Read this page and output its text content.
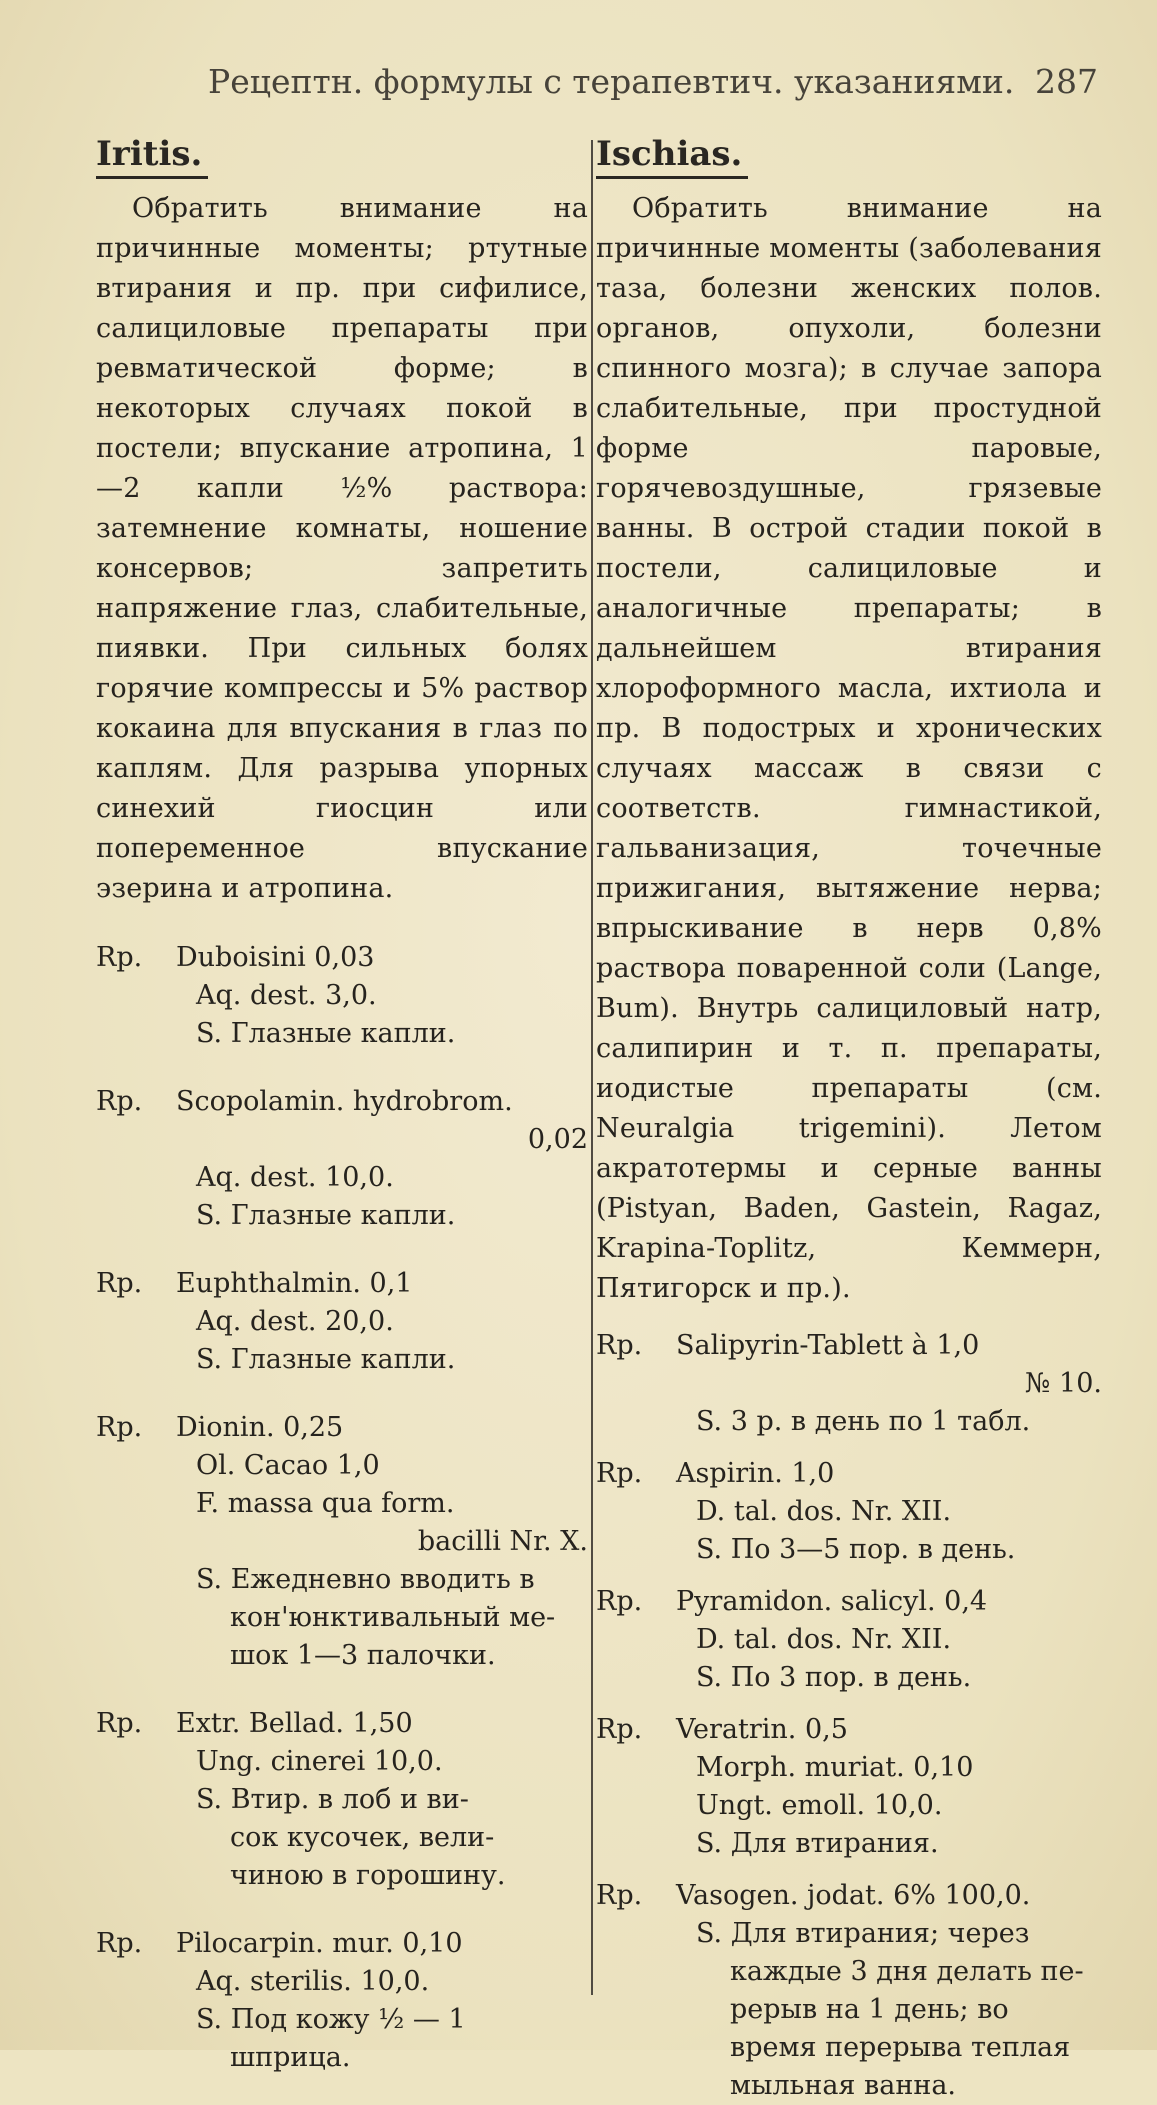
Рецептн. формулы с терапевтич. указаниями. 287
Iritis.

Обратить внимание на причинные моменты; ртутные втирания и пр. при сифилисе, салициловые препараты при ревматической форме; в некоторых случаях покой в постели; впускание атропина, 1—2 капли ½% раствора: затемнение комнаты, ношение консервов; запретить напряжение глаз, слабительные, пиявки. При сильных болях горячие компрессы и 5% раствор кокаина для впускания в глаз по каплям. Для разрыва упорных синехий гиосцин или попеременное впускание эзерина и атропина.

Rp.	Duboisini 0,03
Aq. dest. 3,0.
S. Глазные капли.
Rp.	Scopolamin. hydrobrom.
0,02
Aq. dest. 10,0.
S. Глазные капли.
Rp.	Euphthalmin. 0,1
Aq. dest. 20,0.
S. Глазные капли.
Rp.	Dionin. 0,25
Ol. Cacao 1,0
F. massa qua form.
bacilli Nr. X.
S. Ежедневно вводить в
кон'юнктивальный ме-
шок 1—3 палочки.
Rp.	Extr. Bellad. 1,50
Ung. cinerei 10,0.
S. Втир. в лоб и ви-
сок кусочек, вели-
чиною в горошину.
Rp.	Pilocarpin. mur. 0,10
Aq. sterilis. 10,0.
S. Под кожу ½ — 1
шприца.
Ischias.

Обратить внимание на причинные моменты (заболевания таза, болезни женских полов. органов, опухоли, болезни спинного мозга); в случае запора слабительные, при простудной форме паровые, горячевоздушные, грязевые ванны. В острой стадии покой в постели, салициловые и аналогичные препараты; в дальнейшем втирания хлороформного масла, ихтиола и пр. В подострых и хронических случаях массаж в связи с соответств. гимнастикой, гальванизация, точечные прижигания, вытяжение нерва; впрыскивание в нерв 0,8% раствора поваренной соли (Lange, Bum). Внутрь салициловый натр, салипирин и т. п. препараты, иодистые препараты (см. Neuralgia trigemini). Летом акратотермы и серные ванны (Pistyan, Baden, Gastein, Ragaz, Krapina-Toplitz, Кеммерн, Пятигорск и пр.).

Rp.	Salipyrin-Tablett à 1,0
№ 10.
S. 3 р. в день по 1 табл.
Rp.	Aspirin. 1,0
D. tal. dos. Nr. XII.
S. По 3—5 пор. в день.
Rp.	Pyramidon. salicyl. 0,4
D. tal. dos. Nr. XII.
S. По 3 пор. в день.
Rp.	Veratrin. 0,5
Morph. muriat. 0,10
Ungt. emoll. 10,0.
S. Для втирания.
Rp.	Vasogen. jodat. 6% 100,0.
S. Для втирания; через
каждые 3 дня делать пе-
рерыв на 1 день; во
время перерыва теплая
мыльная ванна.
